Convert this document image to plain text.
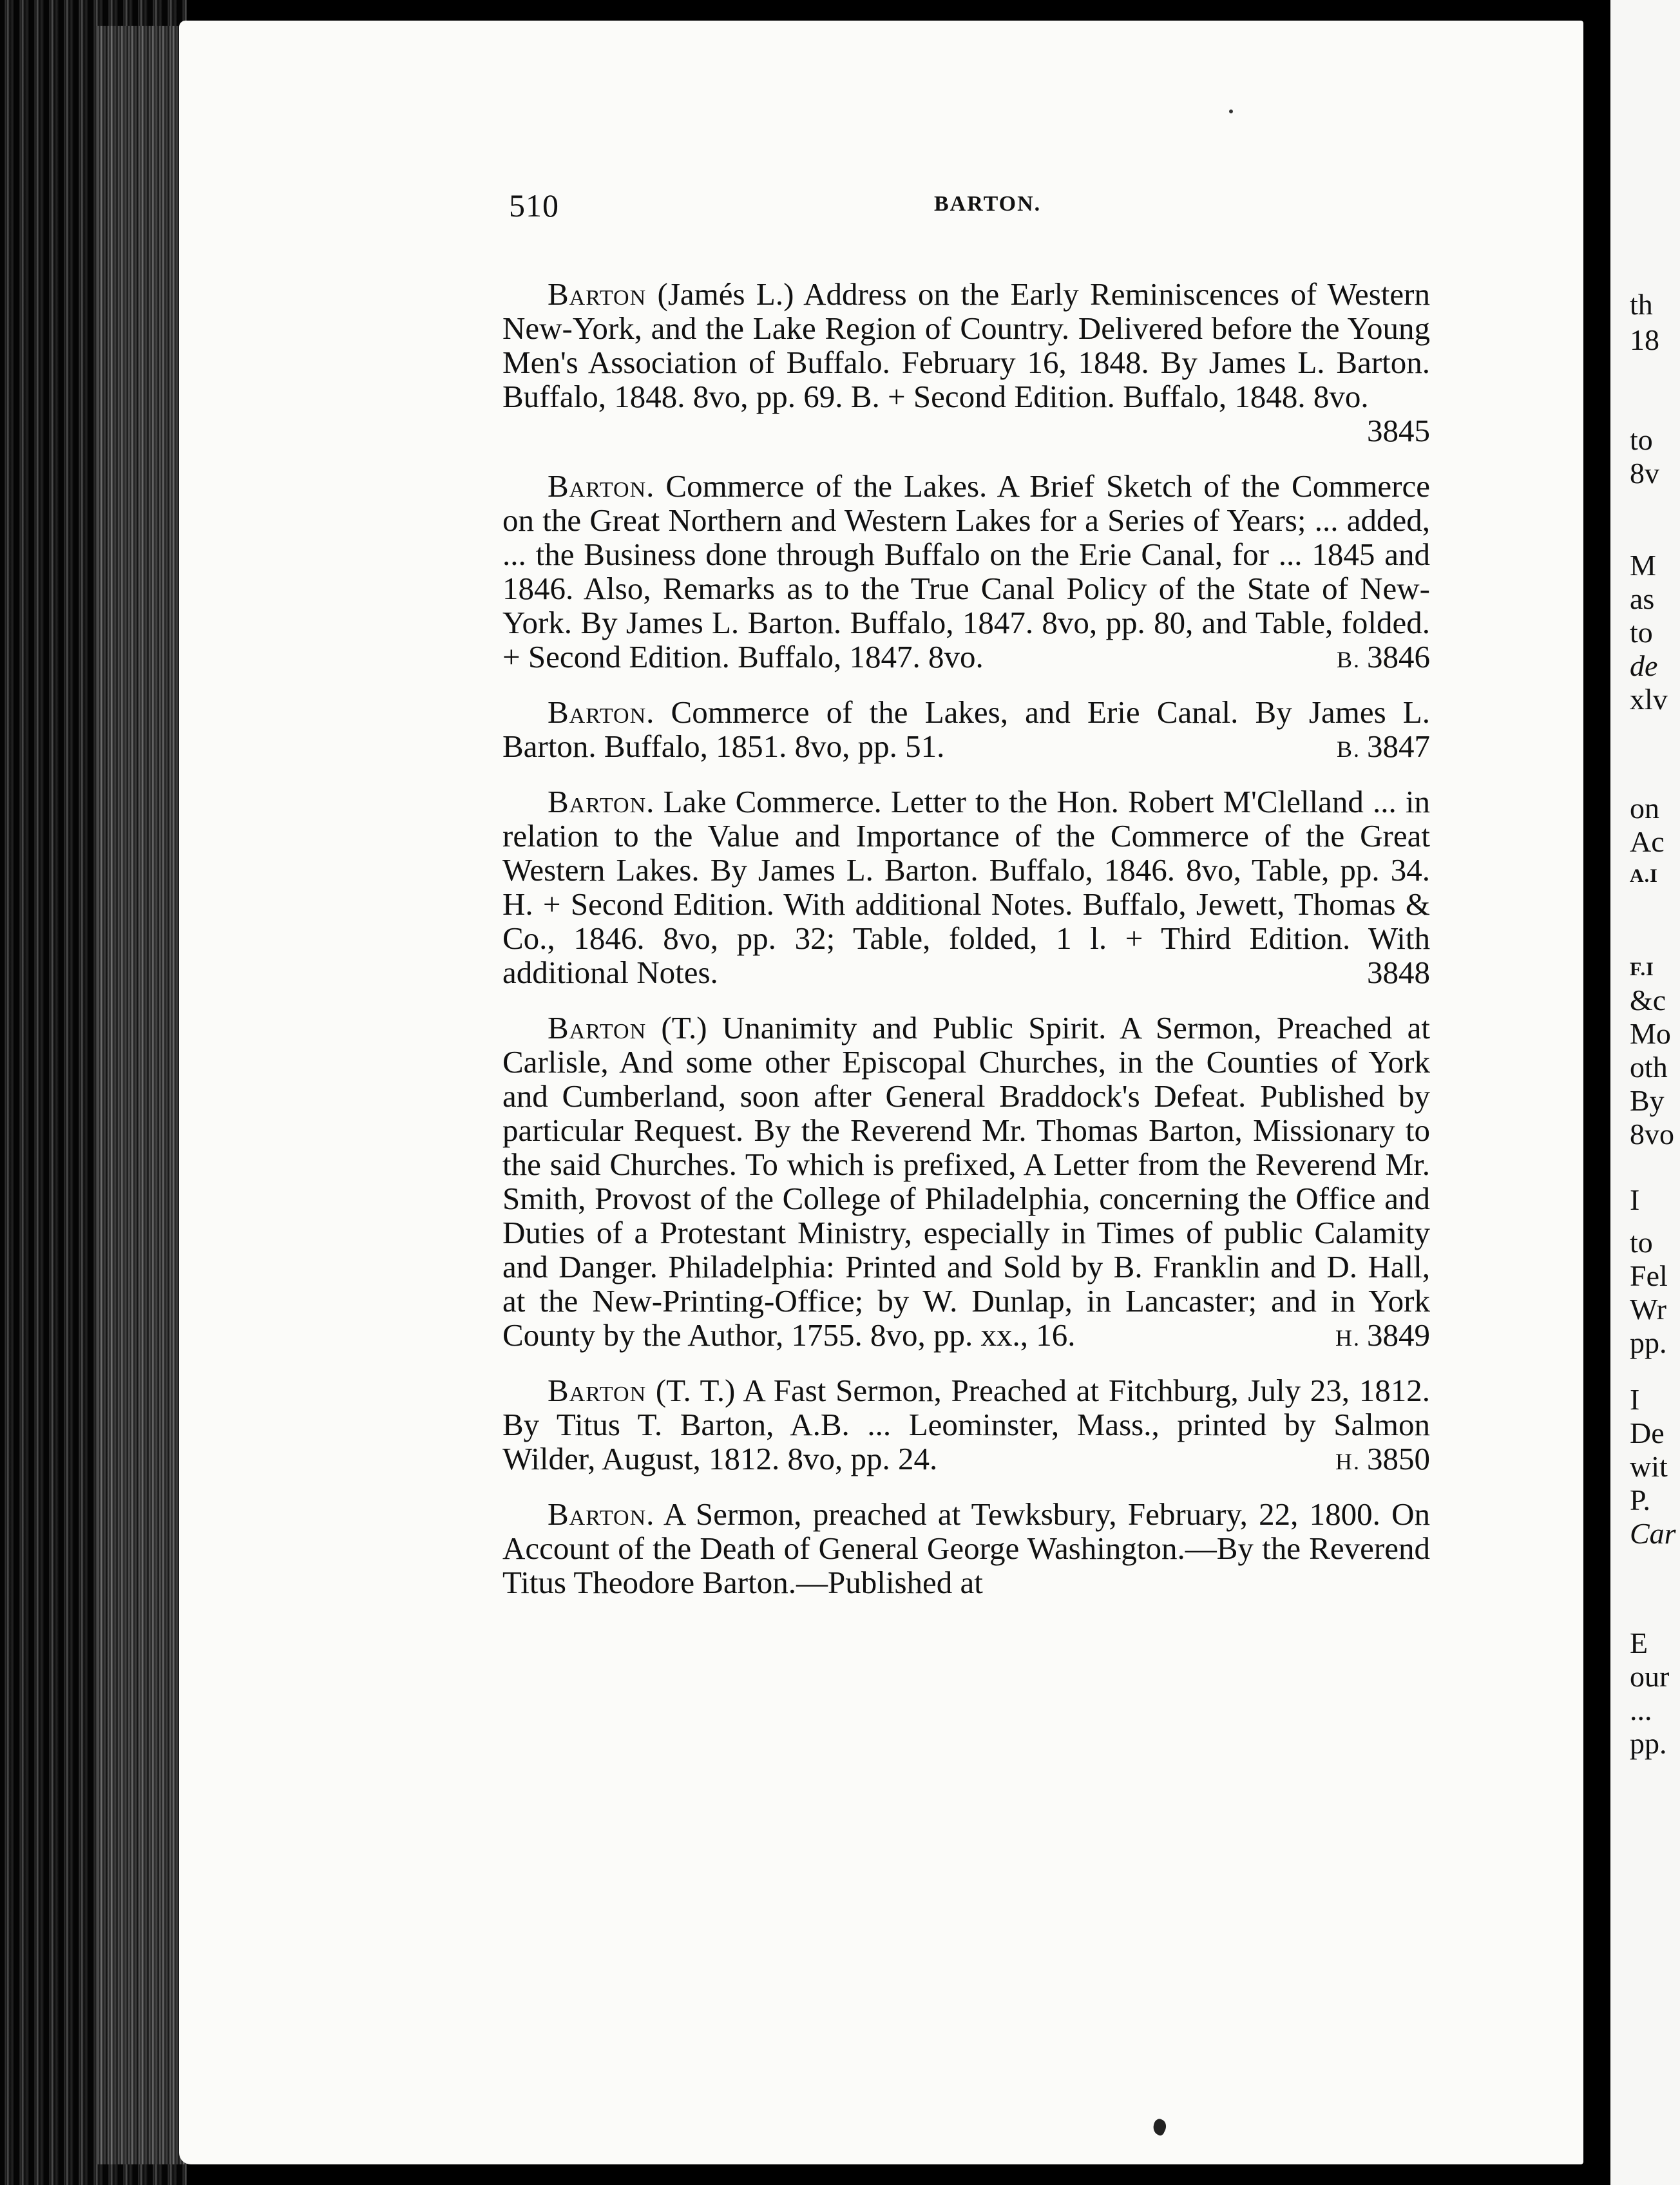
th
18
to
8v
M
as
to
de
xlv
on
Ac
A.I
F.I
&c
Mo
oth
By
8vo
I
to
Fel
Wr
pp.
I
De
wit
P.
Car
E
our
...
pp.
510	BARTON.

Barton (Jamés L.) Address on the Early Reminiscences of Western New-York, and the Lake Region of Country. Delivered before the Young Men's Association of Buffalo. February 16, 1848. By James L. Barton. Buffalo, 1848. 8vo, pp. 69. B. + Second Edition. Buffalo, 1848. 8vo.
3845

Barton. Commerce of the Lakes. A Brief Sketch of the Commerce on the Great Northern and Western Lakes for a Series of Years; ... added, ... the Business done through Buffalo on the Erie Canal, for ... 1845 and 1846. Also, Remarks as to the True Canal Policy of the State of New-York. By James L. Barton. Buffalo, 1847. 8vo, pp. 80, and Table, folded. + Second Edition. Buffalo, 1847. 8vo.	B. 3846

Barton. Commerce of the Lakes, and Erie Canal. By James L. Barton. Buffalo, 1851. 8vo, pp. 51.	B. 3847

Barton. Lake Commerce. Letter to the Hon. Robert M'Clelland ... in relation to the Value and Importance of the Commerce of the Great Western Lakes. By James L. Barton. Buffalo, 1846. 8vo, Table, pp. 34. H. + Second Edition. With additional Notes. Buffalo, Jewett, Thomas & Co., 1846. 8vo, pp. 32; Table, folded, 1 l. + Third Edition. With additional Notes.	3848

Barton (T.) Unanimity and Public Spirit. A Sermon, Preached at Carlisle, And some other Episcopal Churches, in the Counties of York and Cumberland, soon after General Braddock's Defeat. Published by particular Request. By the Reverend Mr. Thomas Barton, Missionary to the said Churches. To which is prefixed, A Letter from the Reverend Mr. Smith, Provost of the College of Philadelphia, concerning the Office and Duties of a Protestant Ministry, especially in Times of public Calamity and Danger. Philadelphia: Printed and Sold by B. Franklin and D. Hall, at the New-Printing-Office; by W. Dunlap, in Lancaster; and in York County by the Author, 1755. 8vo, pp. xx., 16.	H. 3849

Barton (T. T.) A Fast Sermon, Preached at Fitchburg, July 23, 1812. By Titus T. Barton, A.B. ... Leominster, Mass., printed by Salmon Wilder, August, 1812. 8vo, pp. 24.	H. 3850

Barton. A Sermon, preached at Tewksbury, February, 22, 1800. On Account of the Death of General George Washington.—By the Reverend Titus Theodore Barton.—Published at
